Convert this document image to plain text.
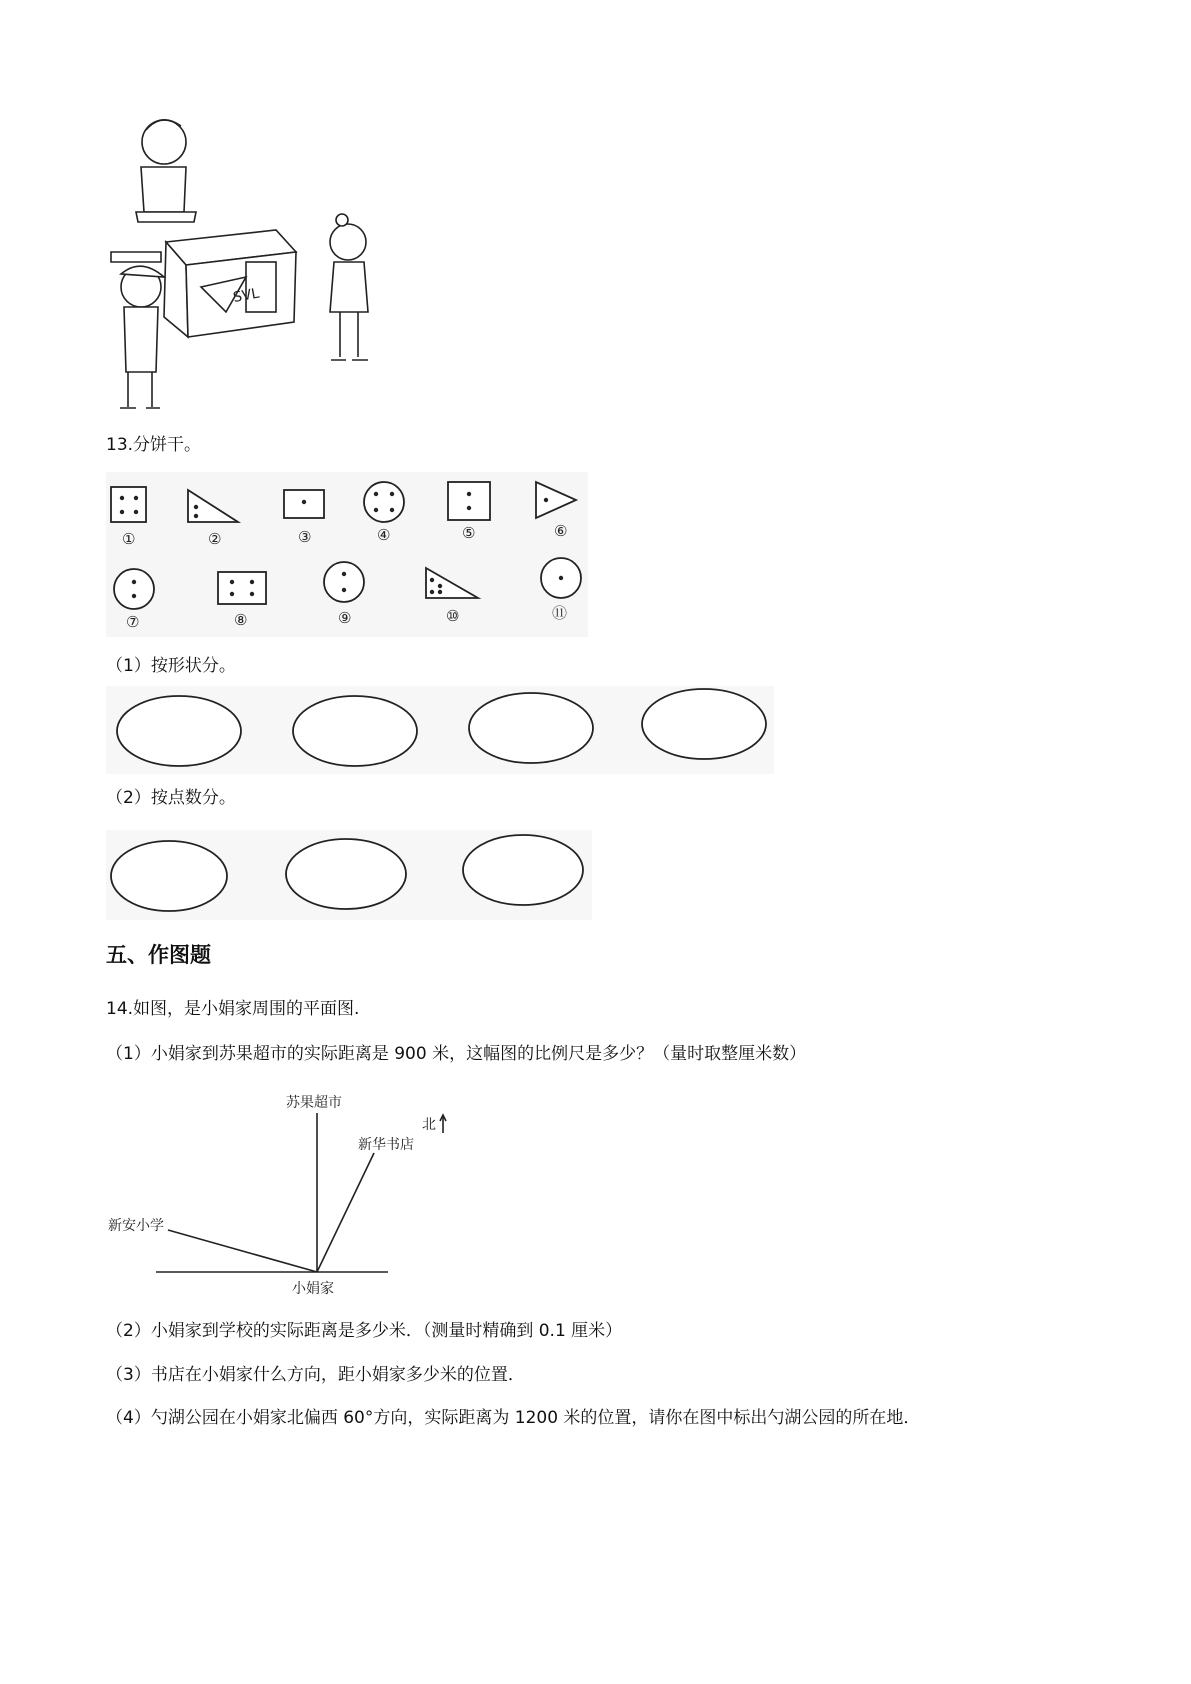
SVL
13.分饼干。
①	②	③	④	⑤	⑥
⑦	⑧	⑨	⑩	⑪
（1）按形状分。
（2）按点数分。
五、作图题
14.如图，是小娟家周围的平面图.
（1）小娟家到苏果超市的实际距离是 900 米，这幅图的比例尺是多少？（量时取整厘米数）
苏果超市
北
新华书店
新安小学
小娟家
（2）小娟家到学校的实际距离是多少米．（测量时精确到 0.1 厘米）
（3）书店在小娟家什么方向，距小娟家多少米的位置．
（4）勺湖公园在小娟家北偏西 60°方向，实际距离为 1200 米的位置，请你在图中标出勺湖公园的所在地．
